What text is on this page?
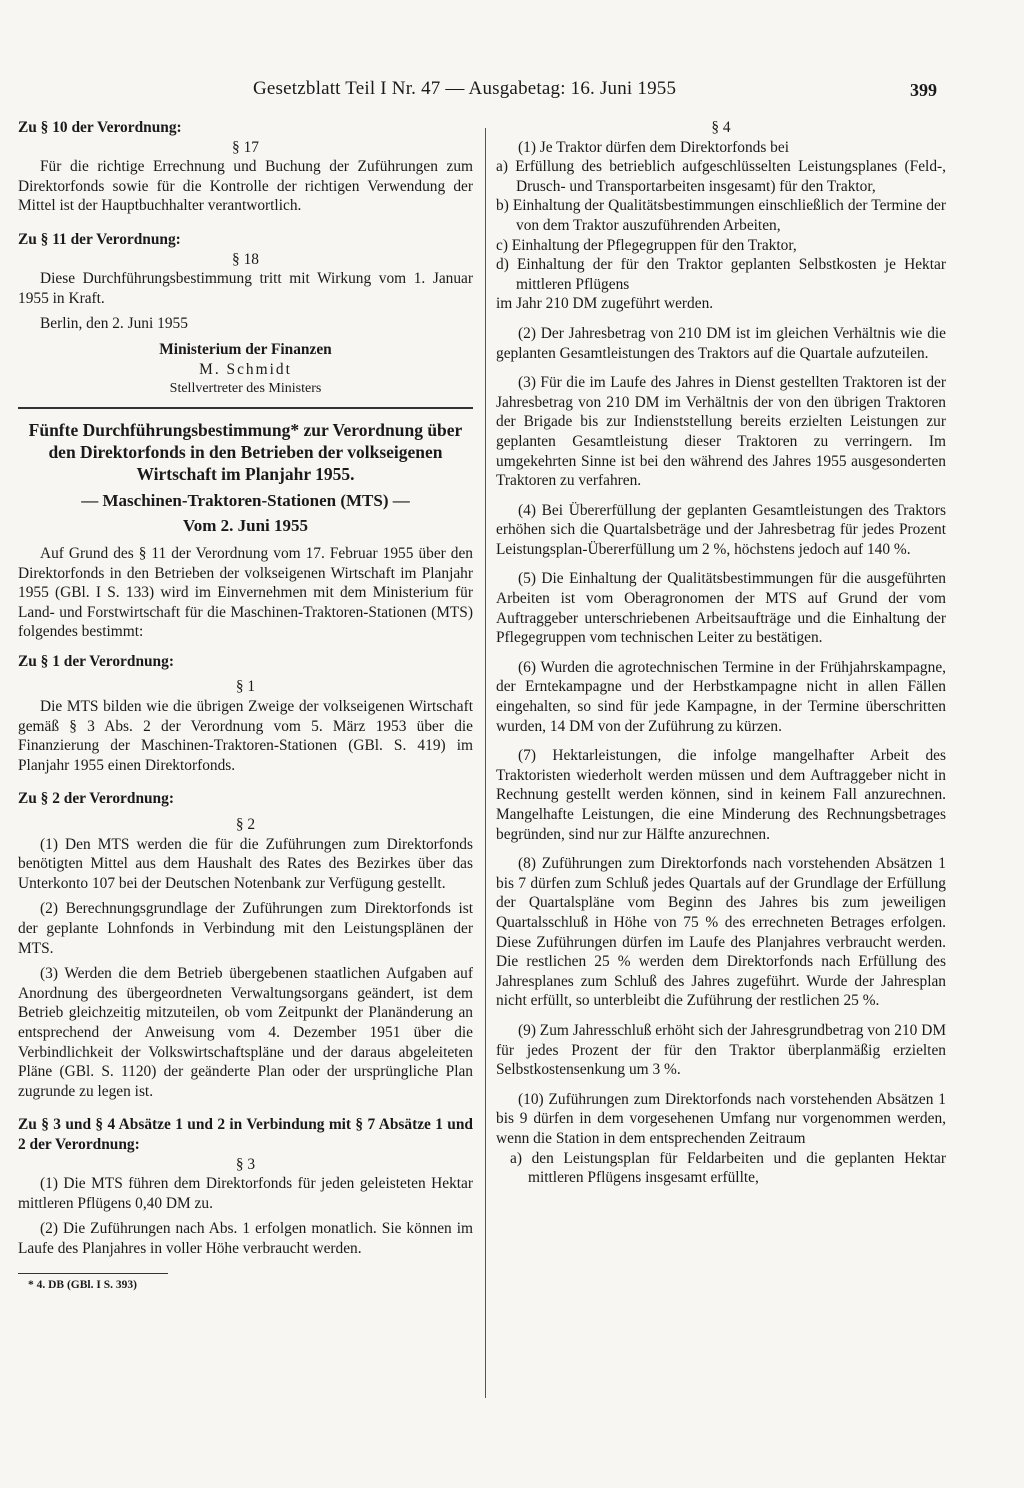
Gesetzblatt Teil I Nr. 47 — Ausgabetag: 16. Juni 1955	399

Zu § 10 der Verordnung:

§ 17

Für die richtige Errechnung und Buchung der Zuführungen zum Direktorfonds sowie für die Kontrolle der richtigen Verwendung der Mittel ist der Hauptbuchhalter verantwortlich.

Zu § 11 der Verordnung:

§ 18

Diese Durchführungsbestimmung tritt mit Wirkung vom 1. Januar 1955 in Kraft.

Berlin, den 2. Juni 1955

Ministerium der Finanzen

M. Schmidt

Stellvertreter des Ministers

Fünfte Durchführungsbestimmung* zur Verordnung über den Direktorfonds in den Betrieben der volkseigenen Wirtschaft im Planjahr 1955.

— Maschinen-Traktoren-Stationen (MTS) —

Vom 2. Juni 1955

Auf Grund des § 11 der Verordnung vom 17. Februar 1955 über den Direktorfonds in den Betrieben der volkseigenen Wirtschaft im Planjahr 1955 (GBl. I S. 133) wird im Einvernehmen mit dem Ministerium für Land- und Forstwirtschaft für die Maschinen-Traktoren-Stationen (MTS) folgendes bestimmt:

Zu § 1 der Verordnung:

§ 1

Die MTS bilden wie die übrigen Zweige der volkseigenen Wirtschaft gemäß § 3 Abs. 2 der Verordnung vom 5. März 1953 über die Finanzierung der Maschinen-Traktoren-Stationen (GBl. S. 419) im Planjahr 1955 einen Direktorfonds.

Zu § 2 der Verordnung:

§ 2

(1) Den MTS werden die für die Zuführungen zum Direktorfonds benötigten Mittel aus dem Haushalt des Rates des Bezirkes über das Unterkonto 107 bei der Deutschen Notenbank zur Verfügung gestellt.

(2) Berechnungsgrundlage der Zuführungen zum Direktorfonds ist der geplante Lohnfonds in Verbindung mit den Leistungsplänen der MTS.

(3) Werden die dem Betrieb übergebenen staatlichen Aufgaben auf Anordnung des übergeordneten Verwaltungsorgans geändert, ist dem Betrieb gleichzeitig mitzuteilen, ob vom Zeitpunkt der Planänderung an entsprechend der Anweisung vom 4. Dezember 1951 über die Verbindlichkeit der Volkswirtschaftspläne und der daraus abgeleiteten Pläne (GBl. S. 1120) der geänderte Plan oder der ursprüngliche Plan zugrunde zu legen ist.

Zu § 3 und § 4 Absätze 1 und 2 in Verbindung mit § 7 Absätze 1 und 2 der Verordnung:

§ 3

(1) Die MTS führen dem Direktorfonds für jeden geleisteten Hektar mittleren Pflügens 0,40 DM zu.

(2) Die Zuführungen nach Abs. 1 erfolgen monatlich. Sie können im Laufe des Planjahres in voller Höhe verbraucht werden.

* 4. DB (GBl. I S. 393)

§ 4

(1) Je Traktor dürfen dem Direktorfonds bei

a) Erfüllung des betrieblich aufgeschlüsselten Leistungsplanes (Feld-, Drusch- und Transportarbeiten insgesamt) für den Traktor,

b) Einhaltung der Qualitätsbestimmungen einschließlich der Termine der von dem Traktor auszuführenden Arbeiten,

c) Einhaltung der Pflegegruppen für den Traktor,

d) Einhaltung der für den Traktor geplanten Selbstkosten je Hektar mittleren Pflügens

im Jahr 210 DM zugeführt werden.

(2) Der Jahresbetrag von 210 DM ist im gleichen Verhältnis wie die geplanten Gesamtleistungen des Traktors auf die Quartale aufzuteilen.

(3) Für die im Laufe des Jahres in Dienst gestellten Traktoren ist der Jahresbetrag von 210 DM im Verhältnis der von den übrigen Traktoren der Brigade bis zur Indienststellung bereits erzielten Leistungen zur geplanten Gesamtleistung dieser Traktoren zu verringern. Im umgekehrten Sinne ist bei den während des Jahres 1955 ausgesonderten Traktoren zu verfahren.

(4) Bei Übererfüllung der geplanten Gesamtleistungen des Traktors erhöhen sich die Quartalsbeträge und der Jahresbetrag für jedes Prozent Leistungsplan-Übererfüllung um 2 %, höchstens jedoch auf 140 %.

(5) Die Einhaltung der Qualitätsbestimmungen für die ausgeführten Arbeiten ist vom Oberagronomen der MTS auf Grund der vom Auftraggeber unterschriebenen Arbeitsaufträge und die Einhaltung der Pflegegruppen vom technischen Leiter zu bestätigen.

(6) Wurden die agrotechnischen Termine in der Frühjahrskampagne, der Erntekampagne und der Herbstkampagne nicht in allen Fällen eingehalten, so sind für jede Kampagne, in der Termine überschritten wurden, 14 DM von der Zuführung zu kürzen.

(7) Hektarleistungen, die infolge mangelhafter Arbeit des Traktoristen wiederholt werden müssen und dem Auftraggeber nicht in Rechnung gestellt werden können, sind in keinem Fall anzurechnen. Mangelhafte Leistungen, die eine Minderung des Rechnungsbetrages begründen, sind nur zur Hälfte anzurechnen.

(8) Zuführungen zum Direktorfonds nach vorstehenden Absätzen 1 bis 7 dürfen zum Schluß jedes Quartals auf der Grundlage der Erfüllung der Quartalspläne vom Beginn des Jahres bis zum jeweiligen Quartalsschluß in Höhe von 75 % des errechneten Betrages erfolgen. Diese Zuführungen dürfen im Laufe des Planjahres verbraucht werden. Die restlichen 25 % werden dem Direktorfonds nach Erfüllung des Jahresplanes zum Schluß des Jahres zugeführt. Wurde der Jahresplan nicht erfüllt, so unterbleibt die Zuführung der restlichen 25 %.

(9) Zum Jahresschluß erhöht sich der Jahresgrundbetrag von 210 DM für jedes Prozent der für den Traktor überplanmäßig erzielten Selbstkostensenkung um 3 %.

(10) Zuführungen zum Direktorfonds nach vorstehenden Absätzen 1 bis 9 dürfen in dem vorgesehenen Umfang nur vorgenommen werden, wenn die Station in dem entsprechenden Zeitraum

a) den Leistungsplan für Feldarbeiten und die geplanten Hektar mittleren Pflügens insgesamt erfüllte,
